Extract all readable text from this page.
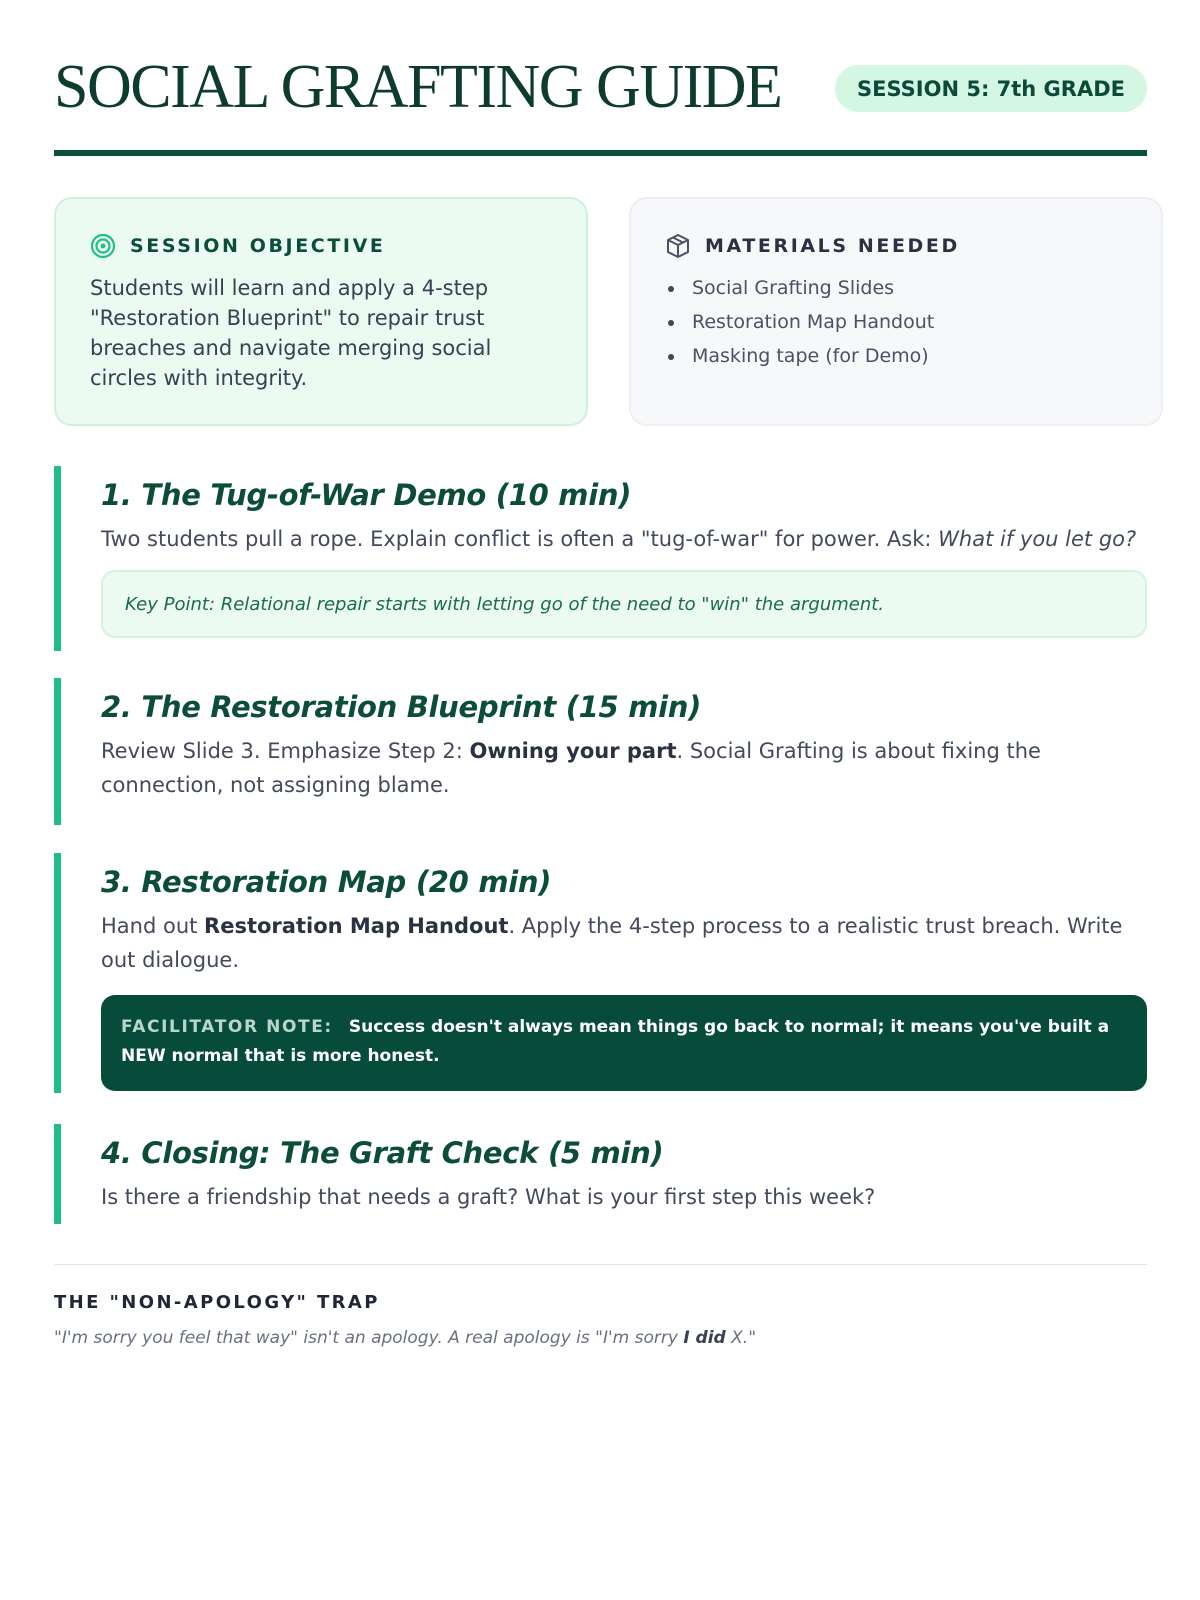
SOCIAL GRAFTING GUIDE	SESSION 5: 7th GRADE
SESSION OBJECTIVE
Students will learn and apply a 4-step "Restoration Blueprint" to repair trust breaches and navigate merging social circles with integrity.
MATERIALS NEEDED
Social Grafting Slides
Restoration Map Handout
Masking tape (for Demo)
1. The Tug-of-War Demo (10 min)
Two students pull a rope. Explain conflict is often a "tug-of-war" for power. Ask: What if you let go?
Key Point: Relational repair starts with letting go of the need to "win" the argument.
2. The Restoration Blueprint (15 min)
Review Slide 3. Emphasize Step 2: Owning your part. Social Grafting is about fixing the connection, not assigning blame.
3. Restoration Map (20 min)
Hand out Restoration Map Handout. Apply the 4-step process to a realistic trust breach. Write out dialogue.
FACILITATOR NOTE: Success doesn't always mean things go back to normal; it means you've built a NEW normal that is more honest.
4. Closing: The Graft Check (5 min)
Is there a friendship that needs a graft? What is your first step this week?
THE "NON-APOLOGY" TRAP
"I'm sorry you feel that way" isn't an apology. A real apology is "I'm sorry I did X."
